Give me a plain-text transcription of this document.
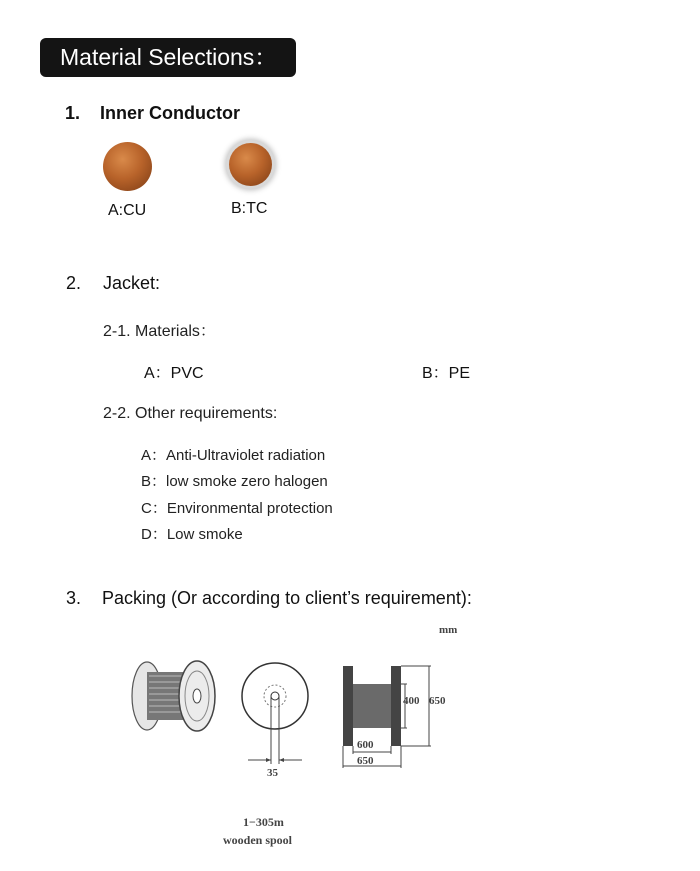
Material Selections：
1. Inner Conductor
A:CU	B:TC
2. Jacket:
2-1. Materials：
A：PVC	B：PE
2-2. Other requirements:
A：Anti-Ultraviolet radiation
B：low smoke zero halogen
C：Environmental protection
D：Low smoke
3. Packing (Or according to client’s requirement):
mm
35
400 650
600
650
1−305m
wooden spool
